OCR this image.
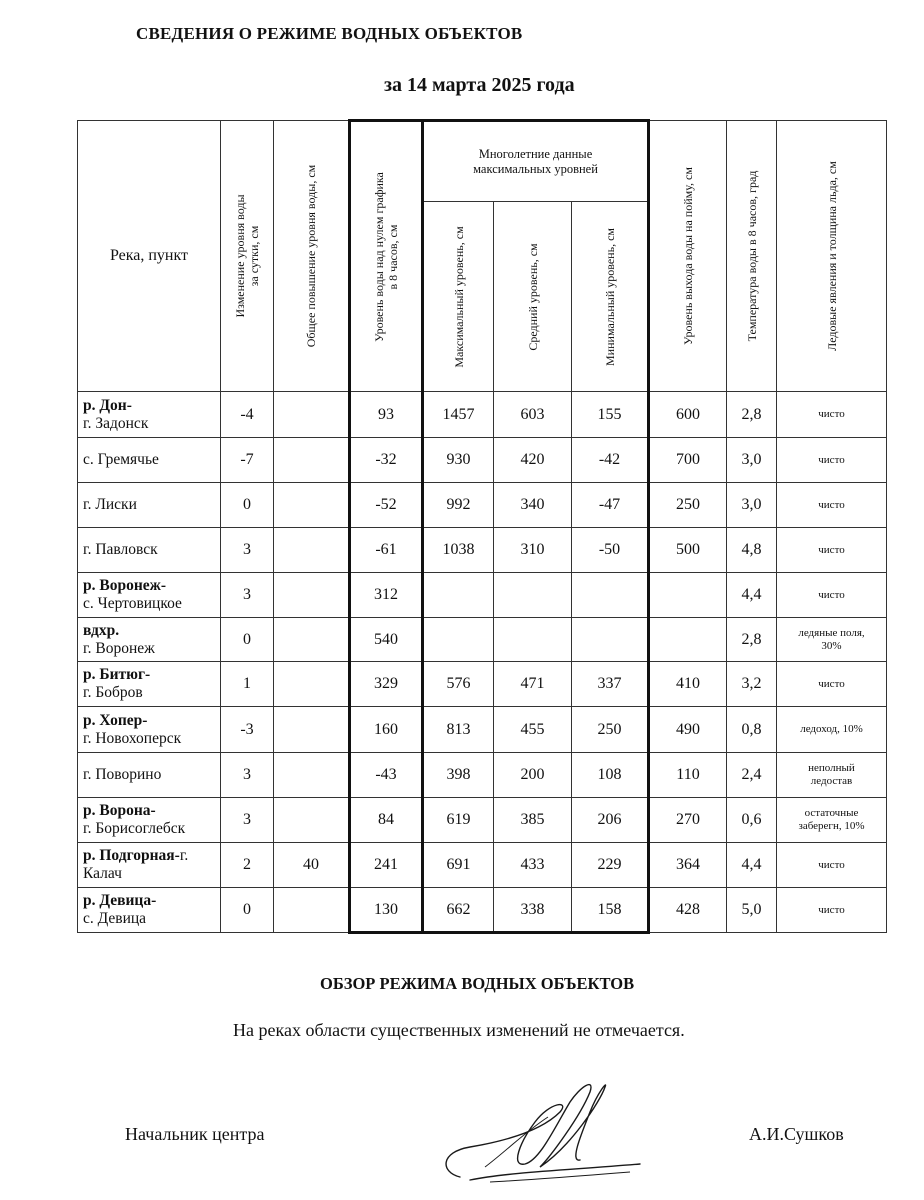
СВЕДЕНИЯ О РЕЖИМЕ ВОДНЫХ ОБЪЕКТОВ
за 14 марта 2025 года
Река, пункт	Изменение уровня воды
за сутки, см	Общее повышение уровня воды, см	Уровень воды над нулем графика
в 8 часов, см	Многолетние данные
максимальных уровней			Уровень выхода воды на пойму, см	Температура воды в 8 часов, град	Ледовые явления и толщина льда, см

				Максимальный уровень, см	Средний уровень, см	Минимальный уровень, см			

р. Дон-
г. Задонск	-4		93	1457	603	155	600	2,8	чисто
с. Гремячье	-7		-32	930	420	-42	700	3,0	чисто
г. Лиски	0		-52	992	340	-47	250	3,0	чисто
г. Павловск	3		-61	1038	310	-50	500	4,8	чисто
р. Воронеж-
с. Чертовицкое	3		312					4,4	чисто
вдхр.
г. Воронеж	0		540					2,8	ледяные поля,
30%
р. Битюг-
г. Бобров	1		329	576	471	337	410	3,2	чисто
р. Хопер-
г. Новохоперск	-3		160	813	455	250	490	0,8	ледоход, 10%
г. Поворино	3		-43	398	200	108	110	2,4	неполный
ледостав
р. Ворона-
г. Борисоглебск	3		84	619	385	206	270	0,6	остаточные
заберегн, 10%
р. Подгорная-г.
Калач	2	40	241	691	433	229	364	4,4	чисто
р. Девица-
с. Девица	0		130	662	338	158	428	5,0	чисто
ОБЗОР РЕЖИМА ВОДНЫХ ОБЪЕКТОВ
На реках области существенных изменений не отмечается.
Начальник центра	А.И.Сушков
